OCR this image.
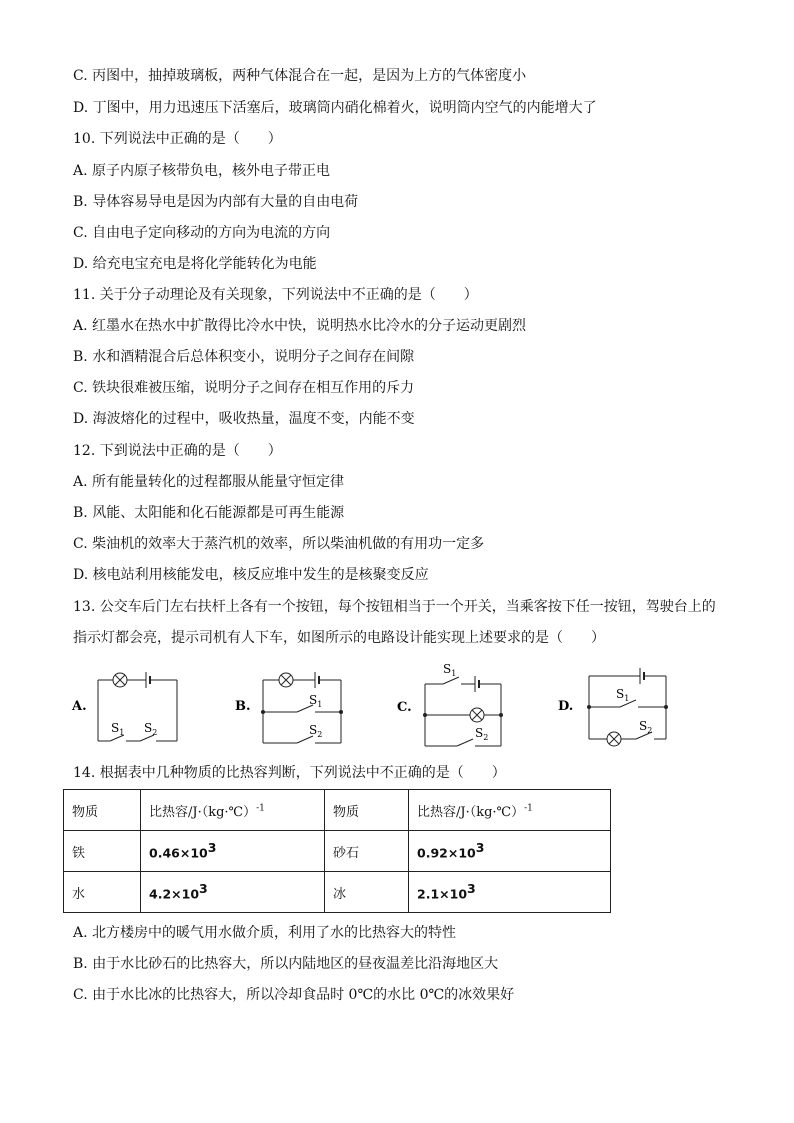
C. 丙图中，抽掉玻璃板，两种气体混合在一起，是因为上方的气体密度小
D. 丁图中，用力迅速压下活塞后，玻璃筒内硝化棉着火，说明筒内空气的内能增大了
10. 下列说法中正确的是（　　）
A. 原子内原子核带负电，核外电子带正电
B. 导体容易导电是因为内部有大量的自由电荷
C. 自由电子定向移动的方向为电流的方向
D. 给充电宝充电是将化学能转化为电能
11. 关于分子动理论及有关现象，下列说法中不正确的是（　　）
A. 红墨水在热水中扩散得比冷水中快，说明热水比冷水的分子运动更剧烈
B. 水和酒精混合后总体积变小，说明分子之间存在间隙
C. 铁块很难被压缩，说明分子之间存在相互作用的斥力
D. 海波熔化的过程中，吸收热量，温度不变，内能不变
12. 下到说法中正确的是（　　）
A. 所有能量转化的过程都服从能量守恒定律
B. 风能、太阳能和化石能源都是可再生能源
C. 柴油机的效率大于蒸汽机的效率，所以柴油机做的有用功一定多
D. 核电站利用核能发电，核反应堆中发生的是核聚变反应
13. 公交车后门左右扶杆上各有一个按钮，每个按钮相当于一个开关，当乘客按下任一按钮，驾驶台上的指示灯都会亮，提示司机有人下车，如图所示的电路设计能实现上述要求的是（　　）
A.
$S_1$ $S_2$
B.	$S_1$
$S_2$
C.
$S_1$
$S_2$
D.
$S_1$
$S_2$
14. 根据表中几种物质的比热容判断，下列说法中不正确的是（　　）
物质	比热容/J·（kg·℃）$^{-1}$	物质	比热容/J·（kg·℃）$^{-1}$
铁	0.46×103	砂石	0.92×103
水	4.2×103	冰	2.1×103
A. 北方楼房中的暖气用水做介质，利用了水的比热容大的特性
B. 由于水比砂石的比热容大，所以内陆地区的昼夜温差比沿海地区大
C. 由于水比冰的比热容大，所以冷却食品时 0℃的水比 0℃的冰效果好
